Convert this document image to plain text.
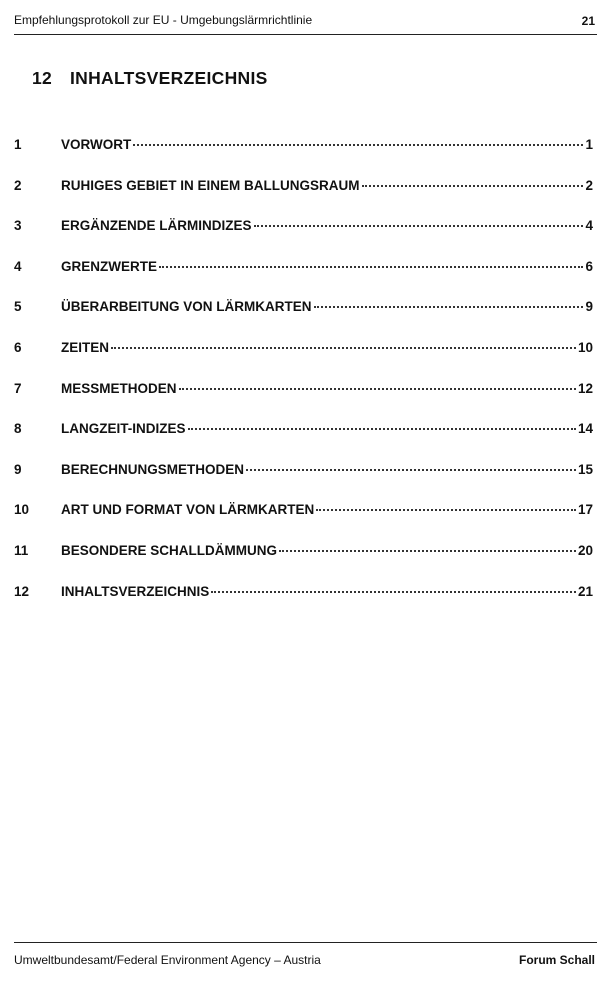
Empfehlungsprotokoll zur EU - Umgebungslärmrichtlinie	21
12 INHALTSVERZEICHNIS
1	VORWORT	1
2	RUHIGES GEBIET IN EINEM BALLUNGSRAUM	2
3	ERGÄNZENDE LÄRMINDIZES	4
4	GRENZWERTE	6
5	ÜBERARBEITUNG VON LÄRMKARTEN	9
6	ZEITEN	10
7	MESSMETHODEN	12
8	LANGZEIT-INDIZES	14
9	BERECHNUNGSMETHODEN	15
10 ART UND FORMAT VON LÄRMKARTEN	17
11 BESONDERE SCHALLDÄMMUNG	20
12 INHALTSVERZEICHNIS	21
Umweltbundesamt/Federal Environment Agency – Austria	Forum Schall
